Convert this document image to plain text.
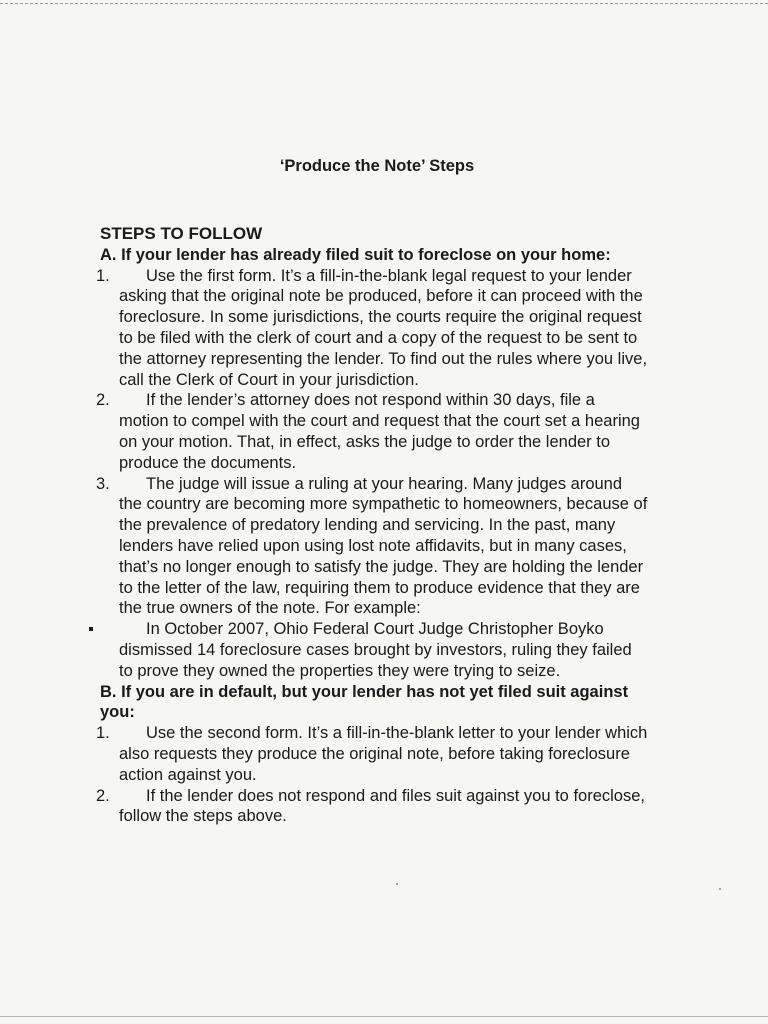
‘Produce the Note’ Steps
STEPS TO FOLLOW
A. If your lender has already filed suit to foreclose on your home:
1.	Use the first form. It’s a fill-in-the-blank legal request to your lender asking that the original note be produced, before it can proceed with the foreclosure. In some jurisdictions, the courts require the original request to be filed with the clerk of court and a copy of the request to be sent to the attorney representing the lender. To find out the rules where you live, call the Clerk of Court in your jurisdiction.
2.	If the lender’s attorney does not respond within 30 days, file a motion to compel with the court and request that the court set a hearing on your motion. That, in effect, asks the judge to order the lender to produce the documents.
3.	The judge will issue a ruling at your hearing. Many judges around the country are becoming more sympathetic to homeowners, because of the prevalence of predatory lending and servicing. In the past, many lenders have relied upon using lost note affidavits, but in many cases, that’s no longer enough to satisfy the judge. They are holding the lender to the letter of the law, requiring them to produce evidence that they are the true owners of the note. For example:
In October 2007, Ohio Federal Court Judge Christopher Boyko dismissed 14 foreclosure cases brought by investors, ruling they failed to prove they owned the properties they were trying to seize.
B. If you are in default, but your lender has not yet filed suit against you:
1.	Use the second form. It’s a fill-in-the-blank letter to your lender which also requests they produce the original note, before taking foreclosure action against you.
2.	If the lender does not respond and files suit against you to foreclose, follow the steps above.
